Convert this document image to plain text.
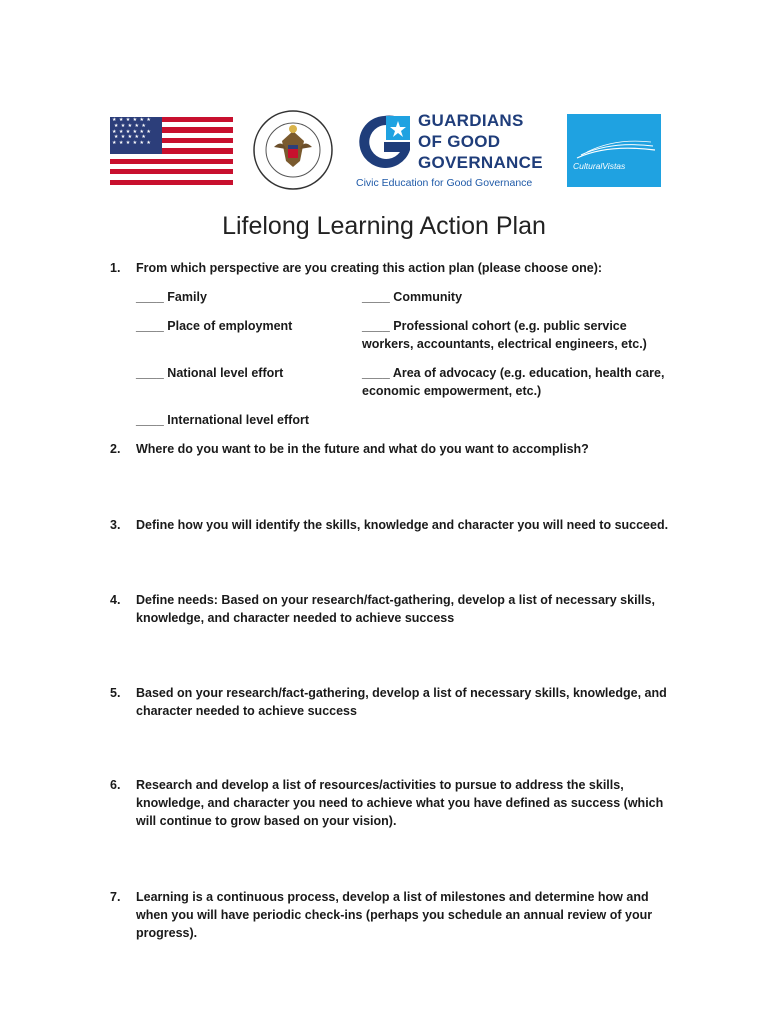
★ ★ ★ ★ ★ ★
★ ★ ★ ★ ★
★ ★ ★ ★ ★ ★
★ ★ ★ ★ ★
★ ★ ★ ★ ★ ★
GUARDIANS
OF GOOD
GOVERNANCE
Civic Education for Good Governance
CulturalVistas
Lifelong Learning Action Plan
1. From which perspective are you creating this action plan (please choose one):
____ Family	____ Community
____ Place of employment	____ Professional cohort (e.g. public service workers, accountants, electrical engineers, etc.)
____ National level effort	____ Area of advocacy (e.g. education, health care, economic empowerment, etc.)
____ International level effort
2. Where do you want to be in the future and what do you want to accomplish?
3. Define how you will identify the skills, knowledge and character you will need to succeed.
4. Define needs: Based on your research/fact-gathering, develop a list of necessary skills, knowledge, and character needed to achieve success
5. Based on your research/fact-gathering, develop a list of necessary skills, knowledge, and character needed to achieve success
6. Research and develop a list of resources/activities to pursue to address the skills, knowledge, and character you need to achieve what you have defined as success (which will continue to grow based on your vision).
7. Learning is a continuous process, develop a list of milestones and determine how and when you will have periodic check-ins (perhaps you schedule an annual review of your progress).
